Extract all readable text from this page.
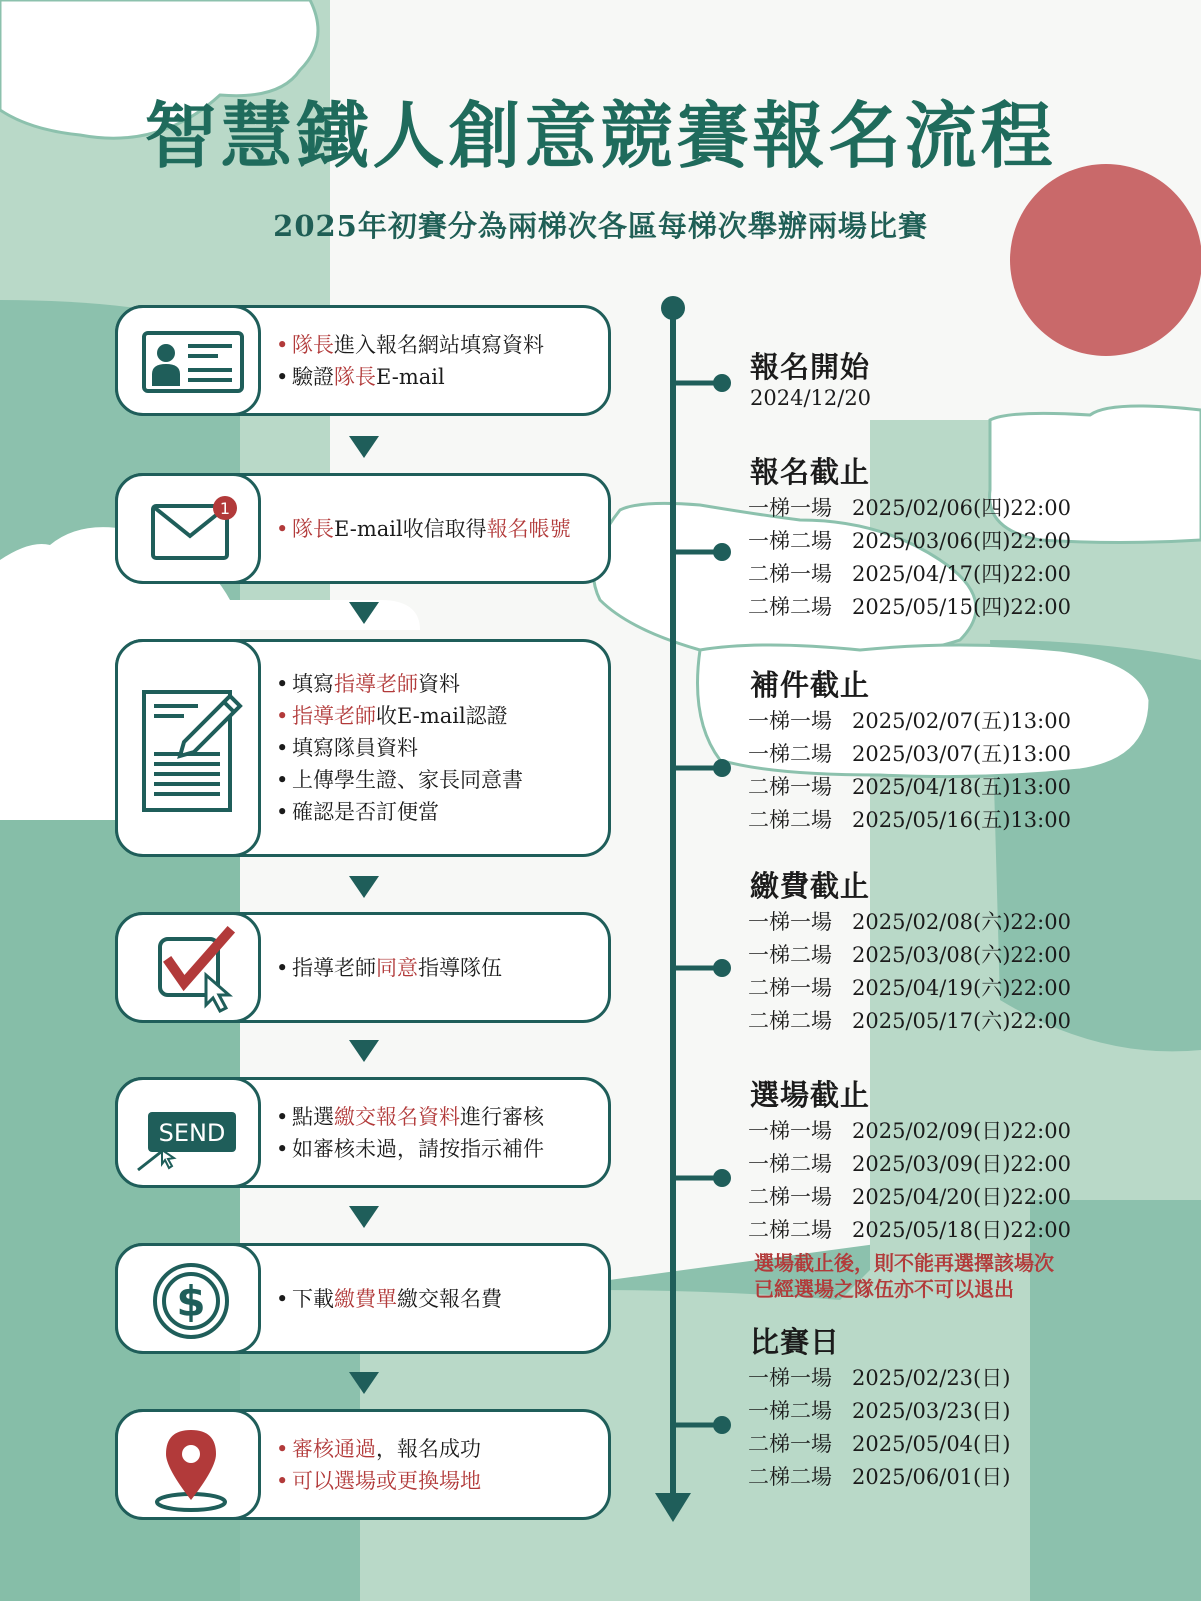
智慧鐵人創意競賽報名流程
2025年初賽分為兩梯次各區每梯次舉辦兩場比賽
• 隊長進入報名網站填寫資料
• 驗證隊長E-mail
1
• 隊長E-mail收信取得報名帳號
• 填寫指導老師資料
• 指導老師收E-mail認證
• 填寫隊員資料
• 上傳學生證、家長同意書
• 確認是否訂便當
• 指導老師同意指導隊伍
SEND
• 點選繳交報名資料進行審核
• 如審核未過，請按指示補件
$	• 下載繳費單繳交報名費
• 審核通過，報名成功
• 可以選場或更換場地
報名開始
2024/12/20
報名截止
一梯一場 2025/02/06(四)22:00
一梯二場 2025/03/06(四)22:00
二梯一場 2025/04/17(四)22:00
二梯二場 2025/05/15(四)22:00
補件截止
一梯一場 2025/02/07(五)13:00
一梯二場 2025/03/07(五)13:00
二梯一場 2025/04/18(五)13:00
二梯二場 2025/05/16(五)13:00
繳費截止
一梯一場 2025/02/08(六)22:00
一梯二場 2025/03/08(六)22:00
二梯一場 2025/04/19(六)22:00
二梯二場 2025/05/17(六)22:00
選場截止
一梯一場 2025/02/09(日)22:00
一梯二場 2025/03/09(日)22:00
二梯一場 2025/04/20(日)22:00
二梯二場 2025/05/18(日)22:00
選場截止後，則不能再選擇該場次
已經選場之隊伍亦不可以退出
比賽日
一梯一場 2025/02/23(日)
一梯二場 2025/03/23(日)
二梯一場 2025/05/04(日)
二梯二場 2025/06/01(日)
